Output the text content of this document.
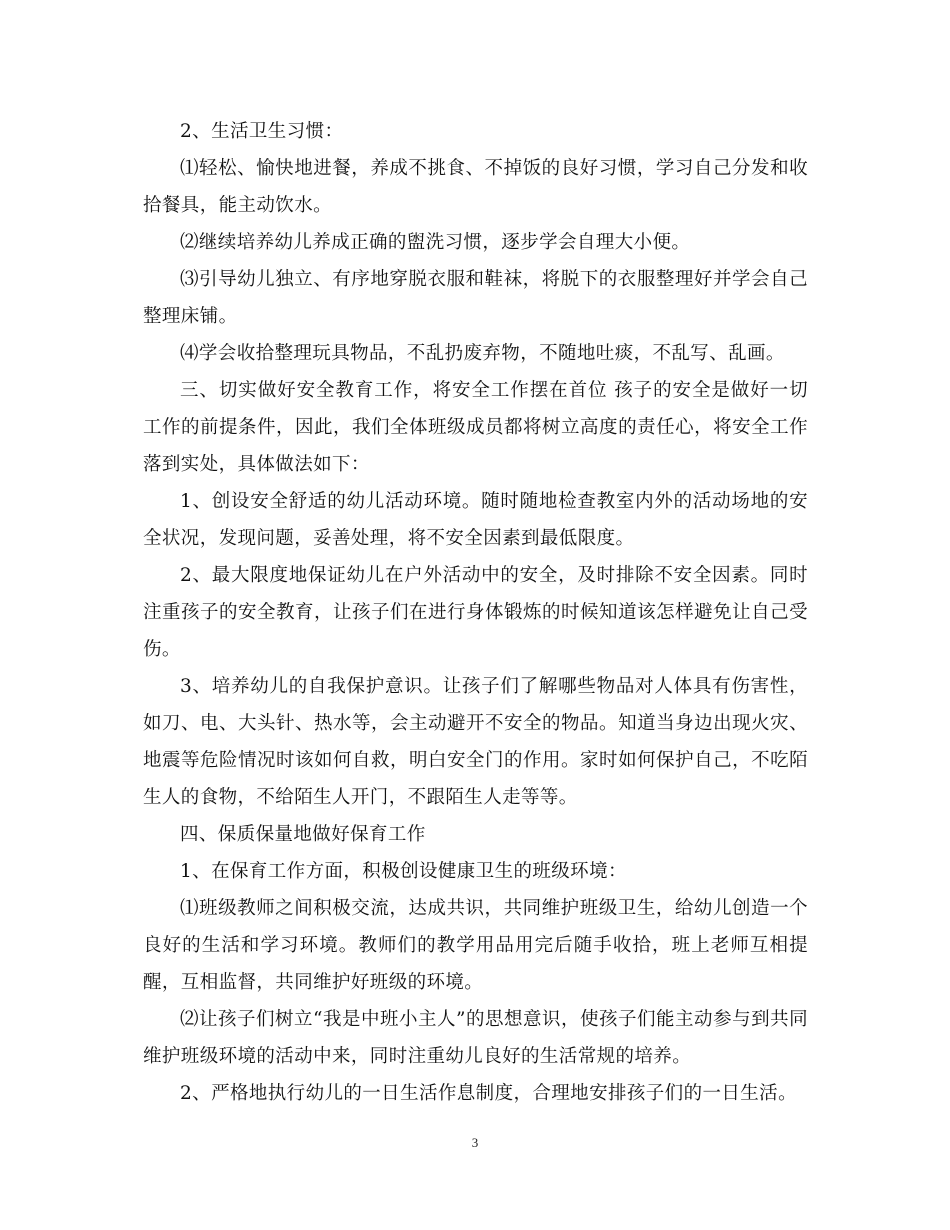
2、生活卫生习惯：

⑴轻松、愉快地进餐，养成不挑食、不掉饭的良好习惯，学习自己分发和收拾餐具，能主动饮水。

⑵继续培养幼儿养成正确的盥洗习惯，逐步学会自理大小便。

⑶引导幼儿独立、有序地穿脱衣服和鞋袜，将脱下的衣服整理好并学会自己整理床铺。

⑷学会收拾整理玩具物品，不乱扔废弃物，不随地吐痰，不乱写、乱画。

三、切实做好安全教育工作，将安全工作摆在首位 孩子的安全是做好一切工作的前提条件，因此，我们全体班级成员都将树立高度的责任心，将安全工作落到实处，具体做法如下：

1、创设安全舒适的幼儿活动环境。随时随地检查教室内外的活动场地的安全状况，发现问题，妥善处理，将不安全因素到最低限度。

2、最大限度地保证幼儿在户外活动中的安全，及时排除不安全因素。同时注重孩子的安全教育，让孩子们在进行身体锻炼的时候知道该怎样避免让自己受伤。

3、培养幼儿的自我保护意识。让孩子们了解哪些物品对人体具有伤害性，如刀、电、大头针、热水等，会主动避开不安全的物品。知道当身边出现火灾、地震等危险情况时该如何自救，明白安全门的作用。家时如何保护自己，不吃陌生人的食物，不给陌生人开门，不跟陌生人走等等。

四、保质保量地做好保育工作

1、在保育工作方面，积极创设健康卫生的班级环境：

⑴班级教师之间积极交流，达成共识，共同维护班级卫生，给幼儿创造一个良好的生活和学习环境。教师们的教学用品用完后随手收拾，班上老师互相提醒，互相监督，共同维护好班级的环境。

⑵让孩子们树立“我是中班小主人”的思想意识，使孩子们能主动参与到共同维护班级环境的活动中来，同时注重幼儿良好的生活常规的培养。

2、严格地执行幼儿的一日生活作息制度，合理地安排孩子们的一日生活。

3
